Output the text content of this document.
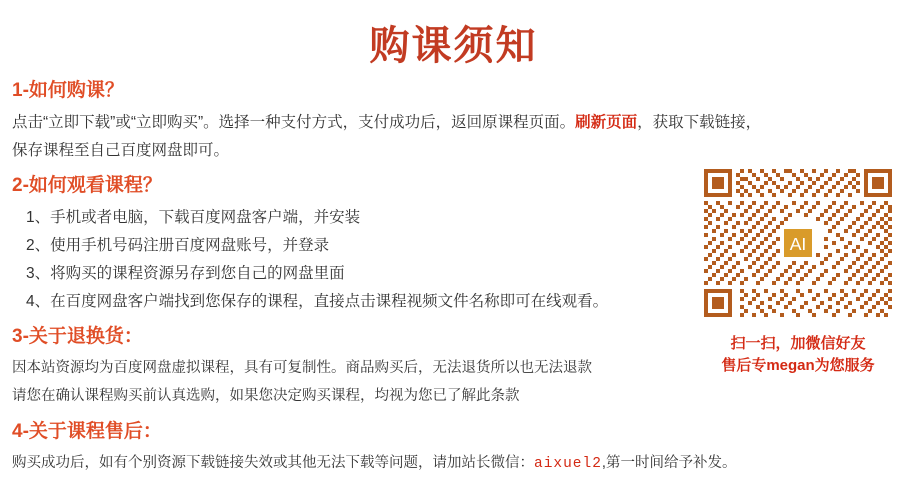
购课须知

1-如何购课？

点击“立即下载”或“立即购买”。选择一种支付方式，支付成功后，返回原课程页面。刷新页面，获取下载链接，

保存课程至自己百度网盘即可。

2-如何观看课程？

1、手机或者电脑，下载百度网盘客户端，并安装

2、使用手机号码注册百度网盘账号，并登录

3、将购买的课程资源另存到您自己的网盘里面

4、在百度网盘客户端找到您保存的课程，直接点击课程视频文件名称即可在线观看。

3-关于退换货：

因本站资源均为百度网盘虚拟课程，具有可复制性。商品购买后，无法退货所以也无法退款

请您在确认课程购买前认真选购，如果您决定购买课程，均视为您已了解此条款

4-关于课程售后：

购买成功后，如有个别资源下载链接失效或其他无法下载等问题，请加站长微信：aixuel2,第一时间给予补发。

AI
扫一扫，加微信好友
售后专megan为您服务
